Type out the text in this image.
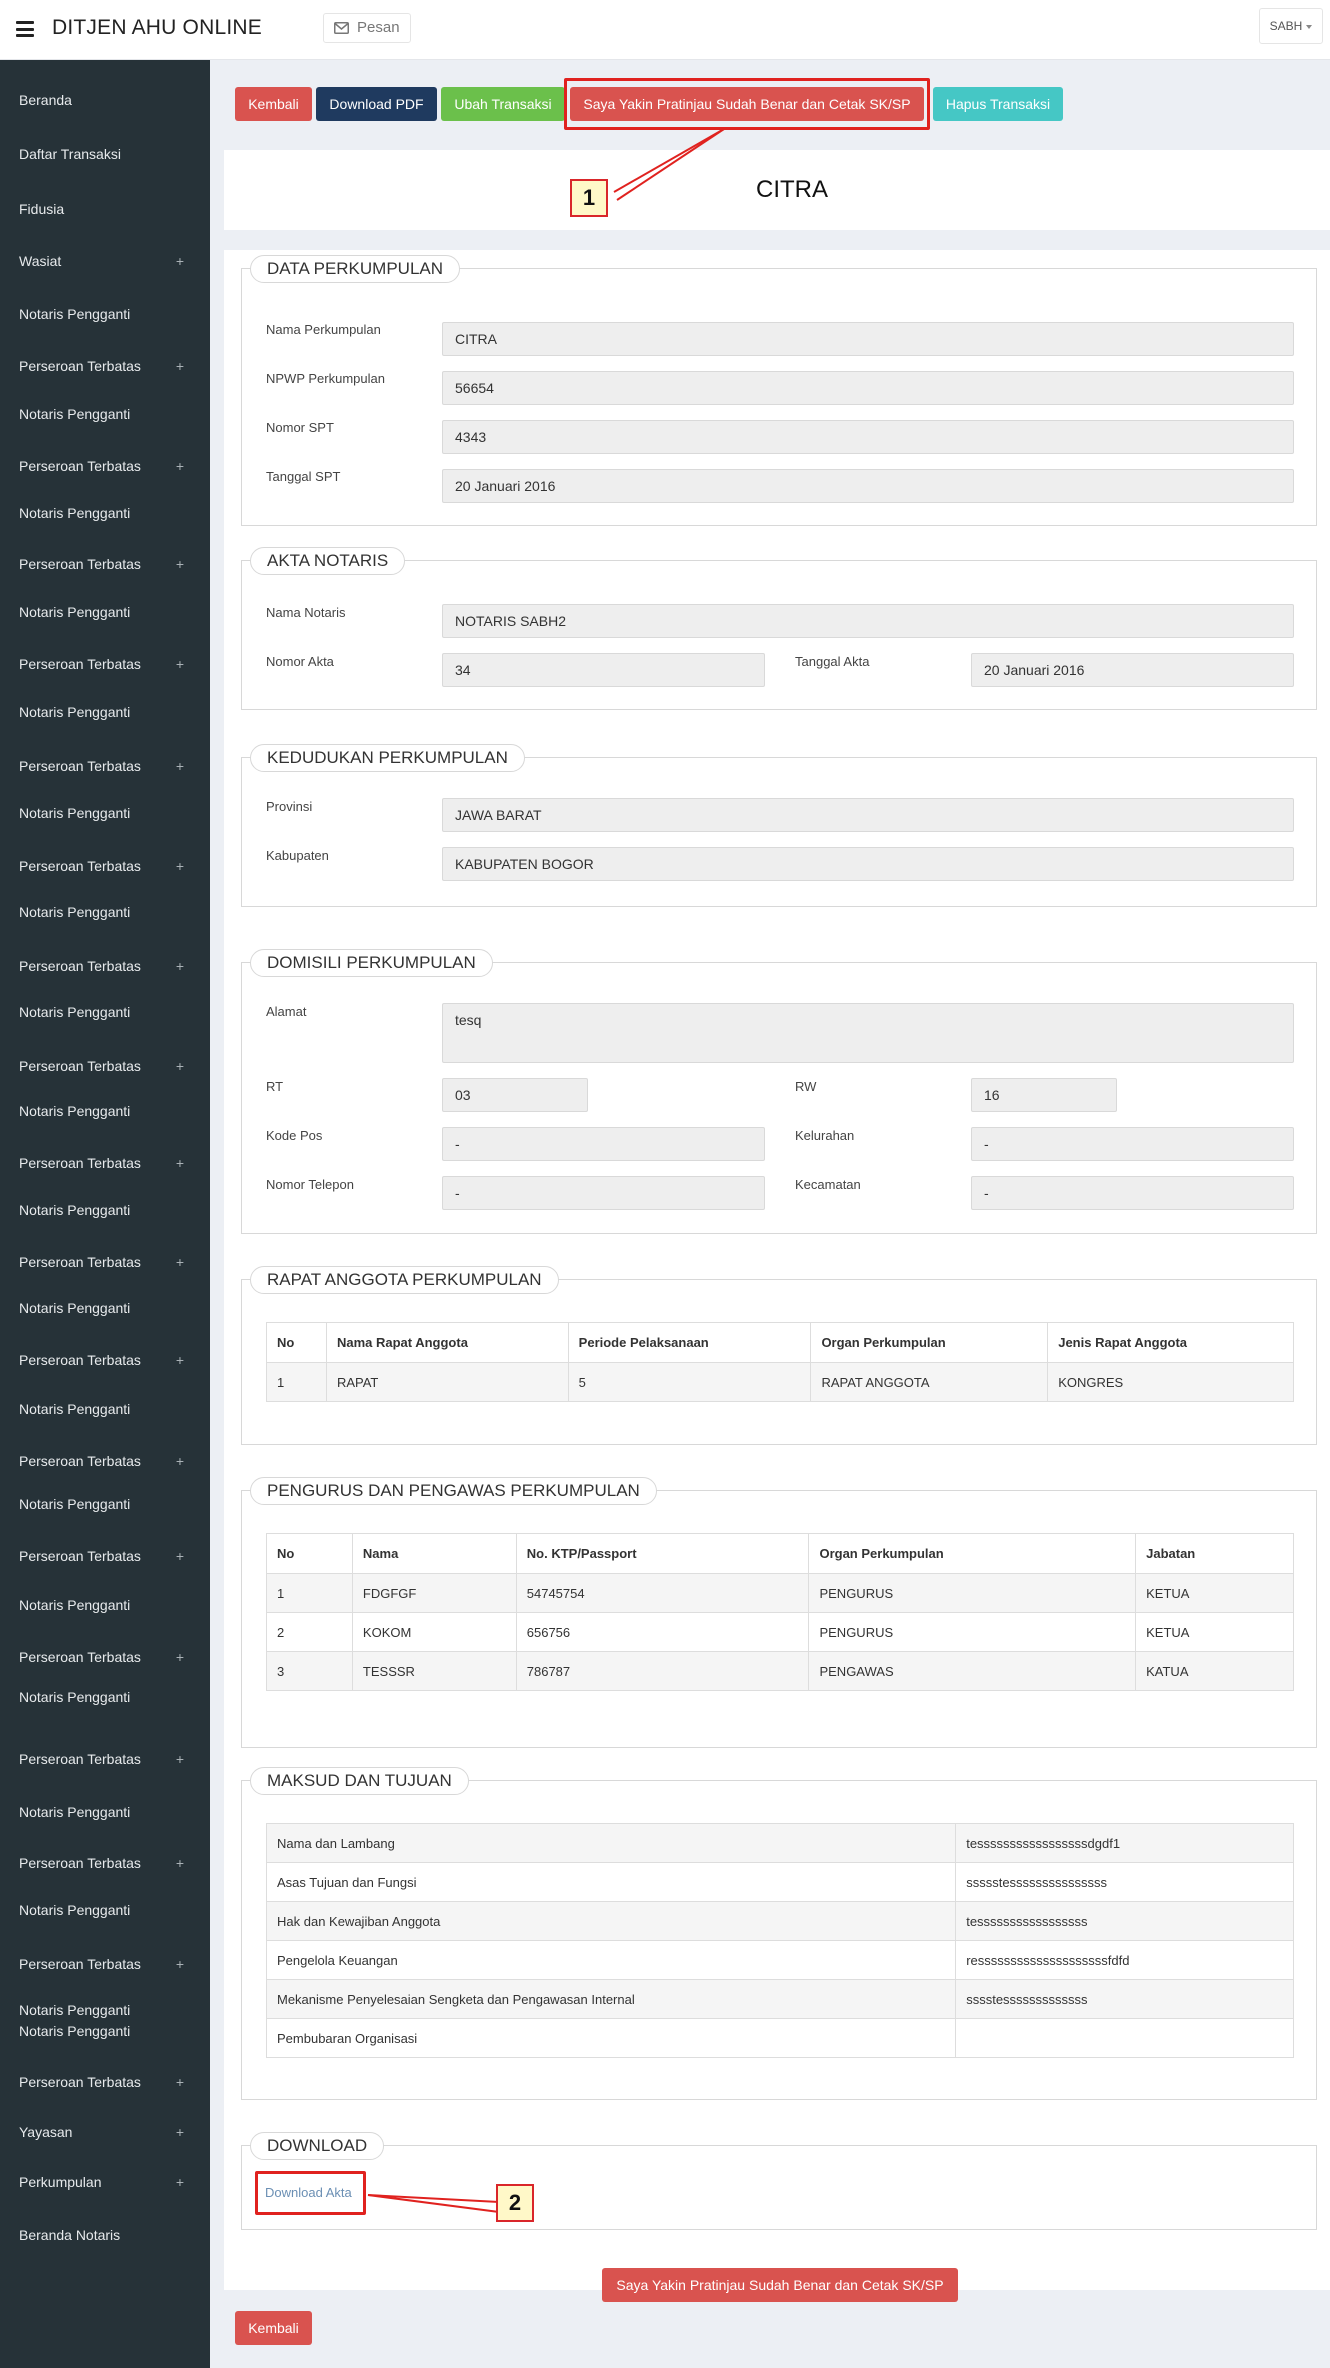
DITJEN AHU ONLINE	Pesan	SABH
Beranda
Daftar Transaksi
Fidusia
Wasiat	+
Notaris Pengganti
Perseroan Terbatas +
Notaris Pengganti
Perseroan Terbatas +
Notaris Pengganti
Perseroan Terbatas +
Notaris Pengganti
Perseroan Terbatas +
Notaris Pengganti
Perseroan Terbatas +
Notaris Pengganti
Perseroan Terbatas +
Notaris Pengganti
Perseroan Terbatas +
Notaris Pengganti
Perseroan Terbatas +
Notaris Pengganti
Perseroan Terbatas +
Notaris Pengganti
Perseroan Terbatas +
Notaris Pengganti
Perseroan Terbatas +
Notaris Pengganti
Perseroan Terbatas +
Notaris Pengganti
Perseroan Terbatas +
Notaris Pengganti
Perseroan Terbatas +
Notaris Pengganti
Perseroan Terbatas +
Notaris Pengganti
Perseroan Terbatas +
Notaris Pengganti
Perseroan Terbatas +
Notaris Pengganti
Notaris Pengganti
Perseroan Terbatas +
Yayasan	+
Perkumpulan	+
Beranda Notaris
Kembali	Download PDF	Ubah Transaksi	Saya Yakin Pratinjau Sudah Benar dan Cetak SK/SP	Hapus Transaksi
CITRA
DATA PERKUMPULAN
Nama Perkumpulan
CITRA
NPWP Perkumpulan
56654
Nomor SPT
4343
Tanggal SPT
20 Januari 2016
AKTA NOTARIS
Nama Notaris
NOTARIS SABH2
Nomor Akta
34
Tanggal Akta
20 Januari 2016
KEDUDUKAN PERKUMPULAN
Provinsi
JAWA BARAT
Kabupaten
KABUPATEN BOGOR
DOMISILI PERKUMPULAN
Alamat
tesq
RT
03
RW
16
Kode Pos
-
Kelurahan
-
Nomor Telepon
-
Kecamatan
-
RAPAT ANGGOTA PERKUMPULAN
No	Nama Rapat Anggota	Periode Pelaksanaan	Organ Perkumpulan	Jenis Rapat Anggota
1	RAPAT	5	RAPAT ANGGOTA	KONGRES
PENGURUS DAN PENGAWAS PERKUMPULAN
No	Nama	No. KTP/Passport	Organ Perkumpulan	Jabatan
1	FDGFGF	54745754	PENGURUS	KETUA
2	KOKOM	656756	PENGURUS	KETUA
3	TESSSR	786787	PENGAWAS	KATUA
MAKSUD DAN TUJUAN
Nama dan Lambang	tesssssssssssssssssdgdf1
Asas Tujuan dan Fungsi	ssssstesssssssssssssss
Hak dan Kewajiban Anggota	tesssssssssssssssss
Pengelola Keuangan	ressssssssssssssssssssfdfd
Mekanisme Penyelesaian Sengketa dan Pengawasan Internal	sssstesssssssssssss
Pembubaran Organisasi	
DOWNLOAD
Download Akta
1
2
Saya Yakin Pratinjau Sudah Benar dan Cetak SK/SP
Kembali
